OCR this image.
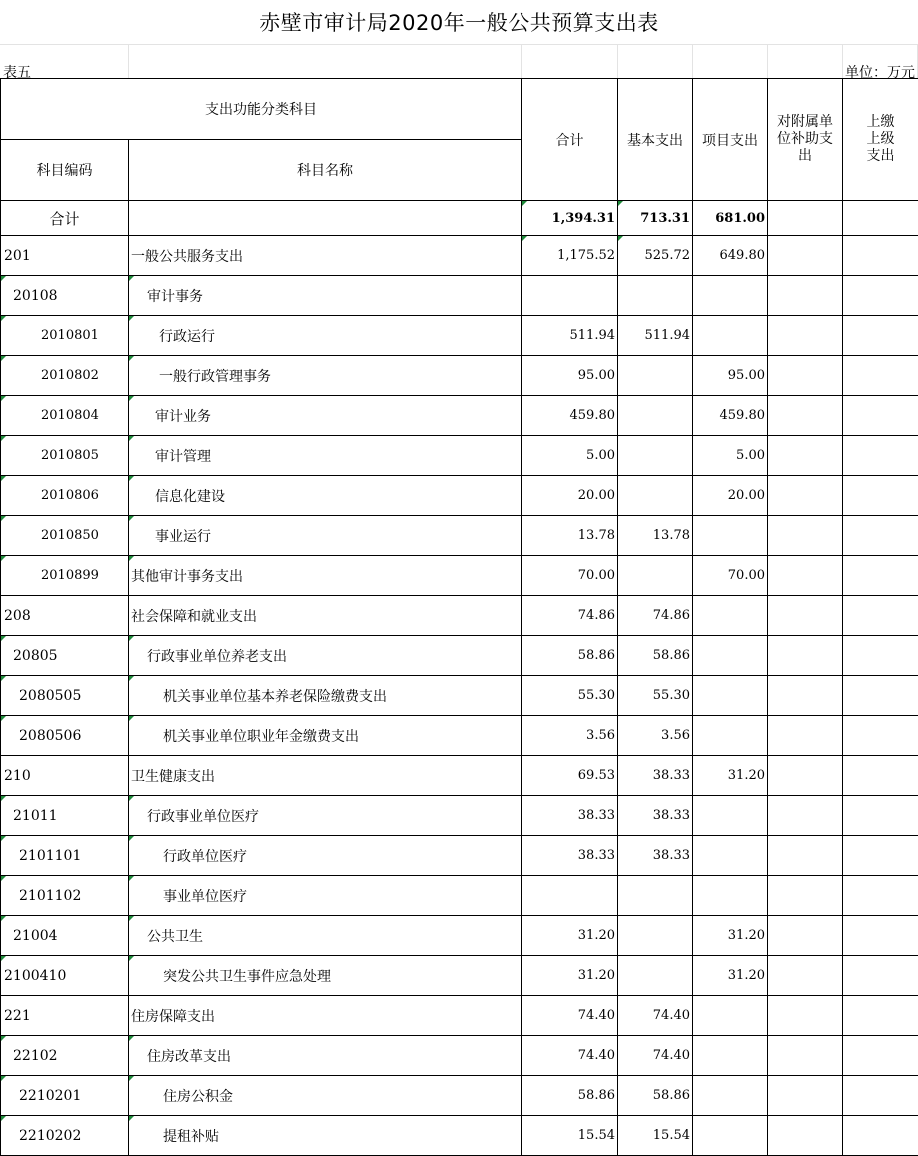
赤壁市审计局2020年一般公共预算支出表
表五	单位：万元
支出功能分类科目		合计	基本支出	项目支出	对附属单位补助支出	上缴上级支出

科目编码	科目名称					
合计		1,394.31	713.31	681.00		
201	一般公共服务支出	1,175.52	525.72	649.80		
20108	审计事务					
2010801	行政运行	511.94	511.94			
2010802	一般行政管理事务	95.00		95.00		
2010804	审计业务	459.80		459.80		
2010805	审计管理	5.00		5.00		
2010806	信息化建设	20.00		20.00		
2010850	事业运行	13.78	13.78			
2010899	其他审计事务支出	70.00		70.00		
208	社会保障和就业支出	74.86	74.86			
20805	行政事业单位养老支出	58.86	58.86			
2080505	机关事业单位基本养老保险缴费支出	55.30	55.30			
2080506	机关事业单位职业年金缴费支出	3.56	3.56			
210	卫生健康支出	69.53	38.33	31.20		
21011	行政事业单位医疗	38.33	38.33			
2101101	行政单位医疗	38.33	38.33			
2101102	事业单位医疗					
21004	公共卫生	31.20		31.20		
2100410	突发公共卫生事件应急处理	31.20		31.20		
221	住房保障支出	74.40	74.40			
22102	住房改革支出	74.40	74.40			
2210201	住房公积金	58.86	58.86			
2210202	提租补贴	15.54	15.54			
